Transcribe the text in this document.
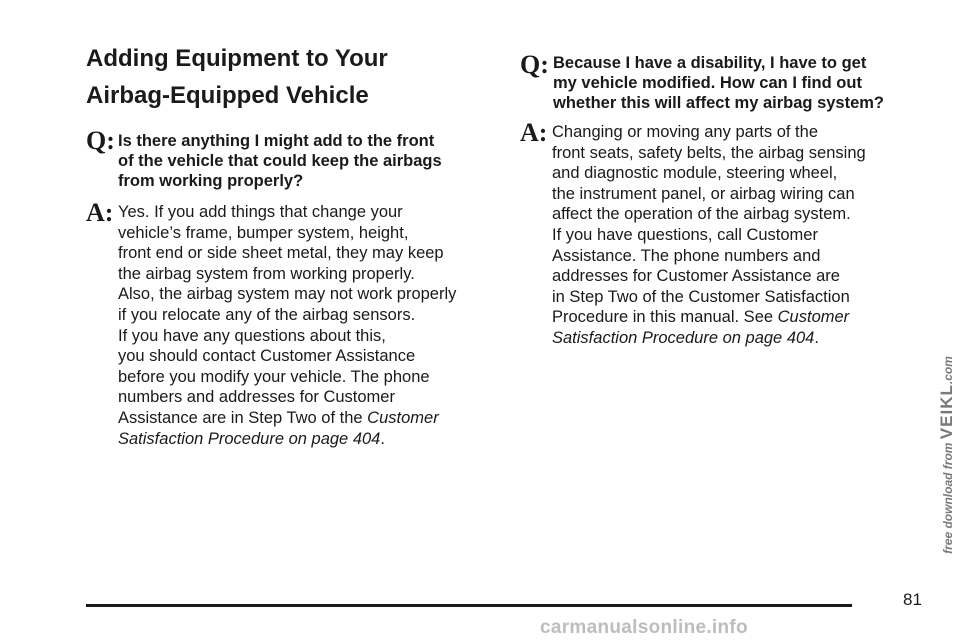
Adding Equipment to Your
Airbag-Equipped Vehicle
Q: Is there anything I might add to the front
of the vehicle that could keep the airbags
from working properly?
A: Yes. If you add things that change your
vehicle’s frame, bumper system, height,
front end or side sheet metal, they may keep
the airbag system from working properly.
Also, the airbag system may not work properly
if you relocate any of the airbag sensors.
If you have any questions about this,
you should contact Customer Assistance
before you modify your vehicle. The phone
numbers and addresses for Customer
Assistance are in Step Two of the Customer
Satisfaction Procedure on page 404.
Q: Because I have a disability, I have to get
my vehicle modified. How can I find out
whether this will affect my airbag system?
A: Changing or moving any parts of the
front seats, safety belts, the airbag sensing
and diagnostic module, steering wheel,
the instrument panel, or airbag wiring can
affect the operation of the airbag system.
If you have questions, call Customer
Assistance. The phone numbers and
addresses for Customer Assistance are
in Step Two of the Customer Satisfaction
Procedure in this manual. See Customer
Satisfaction Procedure on page 404.
81
free download from VEIKL.com
carmanualsonline.info
